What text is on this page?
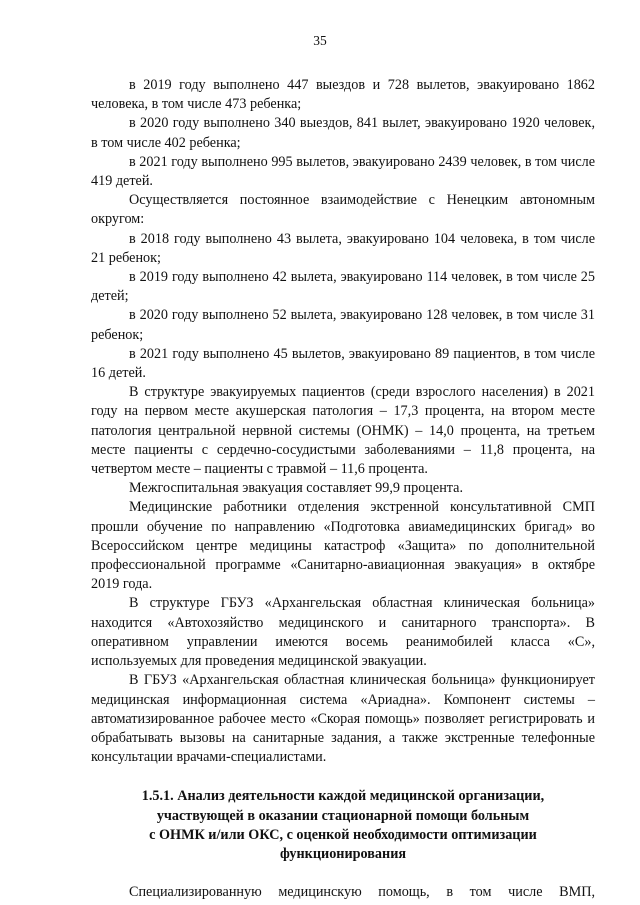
35

в 2019 году выполнено 447 выездов и 728 вылетов, эвакуировано 1862 человека, в том числе 473 ребенка;

в 2020 году выполнено 340 выездов, 841 вылет, эвакуировано 1920 человек, в том числе 402 ребенка;

в 2021 году выполнено 995 вылетов, эвакуировано 2439 человек, в том числе 419 детей.

Осуществляется постоянное взаимодействие с Ненецким автономным округом:

в 2018 году выполнено 43 вылета, эвакуировано 104 человека, в том числе 21 ребенок;

в 2019 году выполнено 42 вылета, эвакуировано 114 человек, в том числе 25 детей;

в 2020 году выполнено 52 вылета, эвакуировано 128 человек, в том числе 31 ребенок;

в 2021 году выполнено 45 вылетов, эвакуировано 89 пациентов, в том числе 16 детей.

В структуре эвакуируемых пациентов (среди взрослого населения) в 2021 году на первом месте акушерская патология – 17,3 процента, на втором месте патология центральной нервной системы (ОНМК) – 14,0 процента, на третьем месте пациенты с сердечно-сосудистыми заболеваниями – 11,8 процента, на четвертом месте – пациенты с травмой – 11,6 процента.

Межгоспитальная эвакуация составляет 99,9 процента.

Медицинские работники отделения экстренной консультативной СМП прошли обучение по направлению «Подготовка авиамедицинских бригад» во Всероссийском центре медицины катастроф «Защита» по дополнительной профессиональной программе «Санитарно-авиационная эвакуация» в октябре 2019 года.

В структуре ГБУЗ «Архангельская областная клиническая больница» находится «Автохозяйство медицинского и санитарного транспорта». В оперативном управлении имеются восемь реанимобилей класса «С», используемых для проведения медицинской эвакуации.

В ГБУЗ «Архангельская областная клиническая больница» функционирует медицинская информационная система «Ариадна». Компонент системы – автоматизированное рабочее место «Скорая помощь» позволяет регистрировать и обрабатывать вызовы на санитарные задания, а также экстренные телефонные консультации врачами-специалистами.

1.5.1. Анализ деятельности каждой медицинской организации,
участвующей в оказании стационарной помощи больным
с ОНМК и/или ОКС, с оценкой необходимости оптимизации
функционирования

Специализированную медицинскую помощь, в том числе ВМП,
